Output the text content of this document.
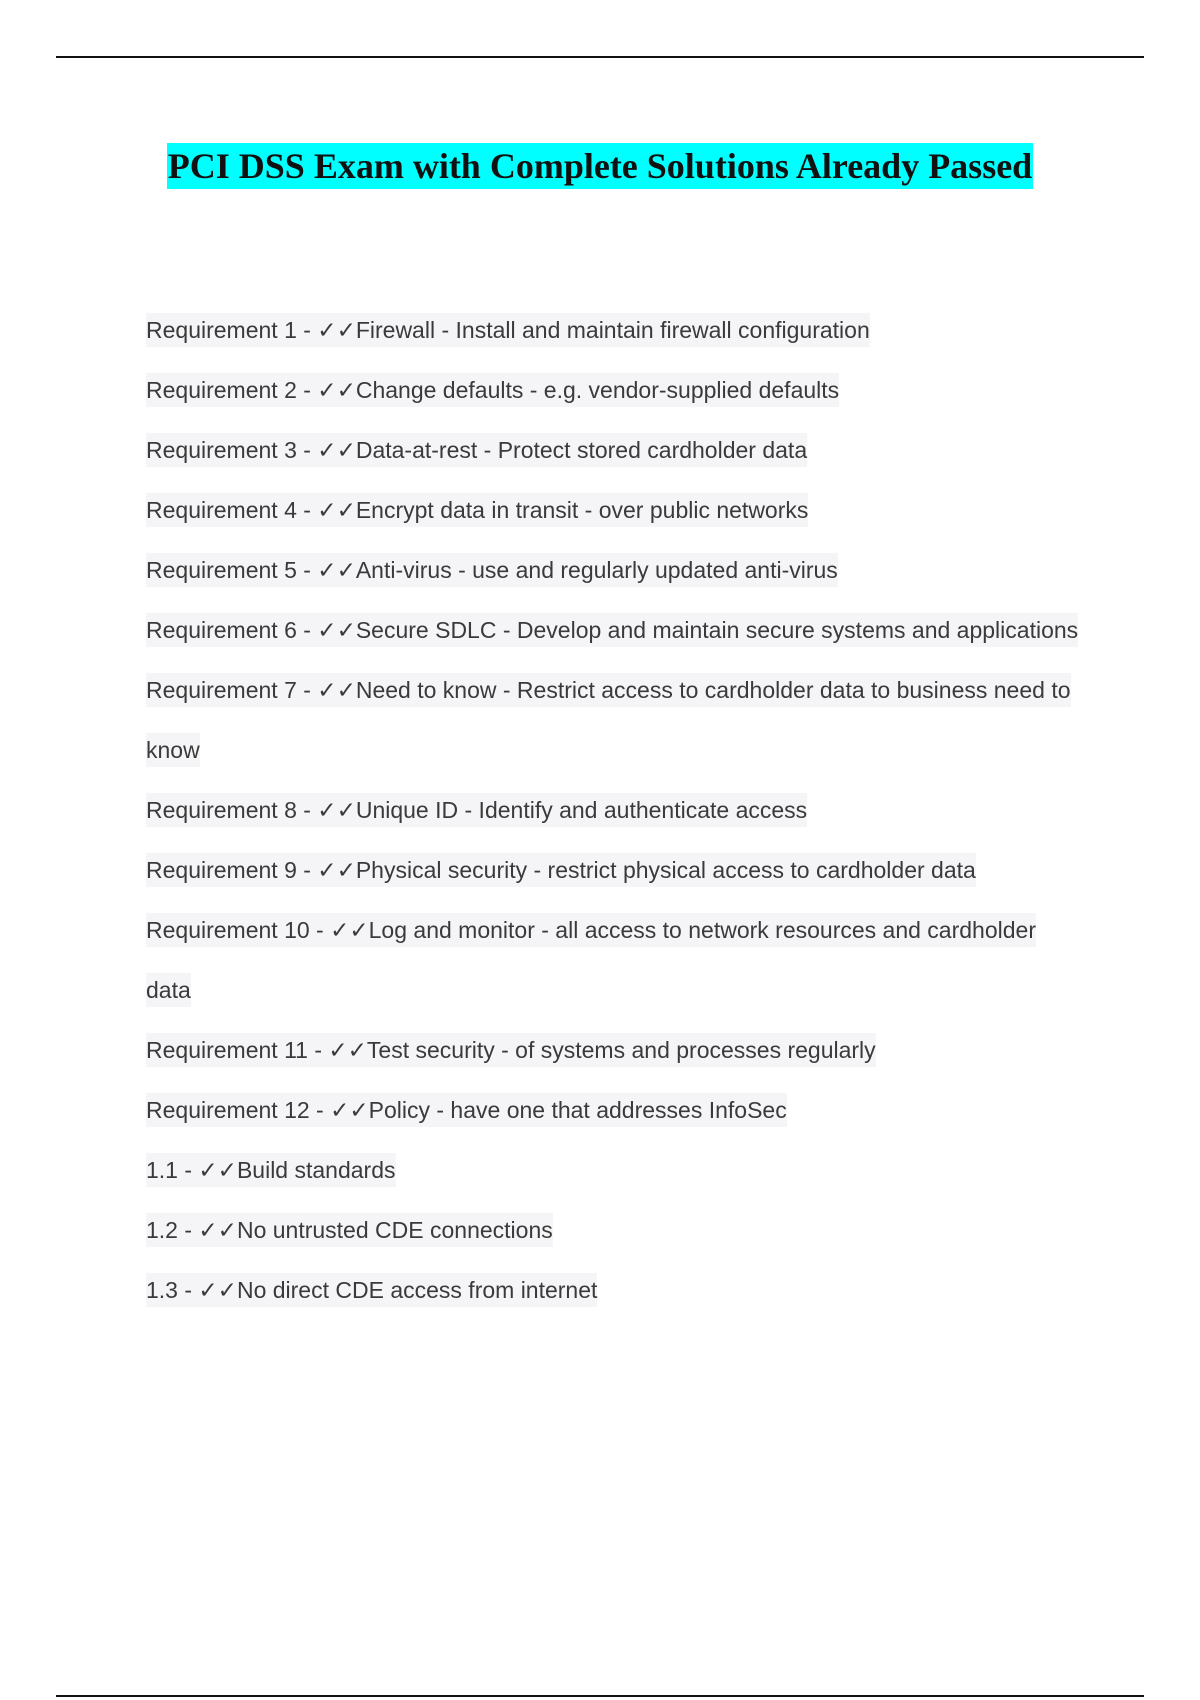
PCI DSS Exam with Complete Solutions Already Passed
Requirement 1 - ✓✓Firewall - Install and maintain firewall configuration
Requirement 2 - ✓✓Change defaults - e.g. vendor-supplied defaults
Requirement 3 - ✓✓Data-at-rest - Protect stored cardholder data
Requirement 4 - ✓✓Encrypt data in transit - over public networks
Requirement 5 - ✓✓Anti-virus - use and regularly updated anti-virus
Requirement 6 - ✓✓Secure SDLC - Develop and maintain secure systems and applications
Requirement 7 - ✓✓Need to know - Restrict access to cardholder data to business need to know
Requirement 8 - ✓✓Unique ID - Identify and authenticate access
Requirement 9 - ✓✓Physical security - restrict physical access to cardholder data
Requirement 10 - ✓✓Log and monitor - all access to network resources and cardholder data
Requirement 11 - ✓✓Test security - of systems and processes regularly
Requirement 12 - ✓✓Policy - have one that addresses InfoSec
1.1 - ✓✓Build standards
1.2 - ✓✓No untrusted CDE connections
1.3 - ✓✓No direct CDE access from internet
